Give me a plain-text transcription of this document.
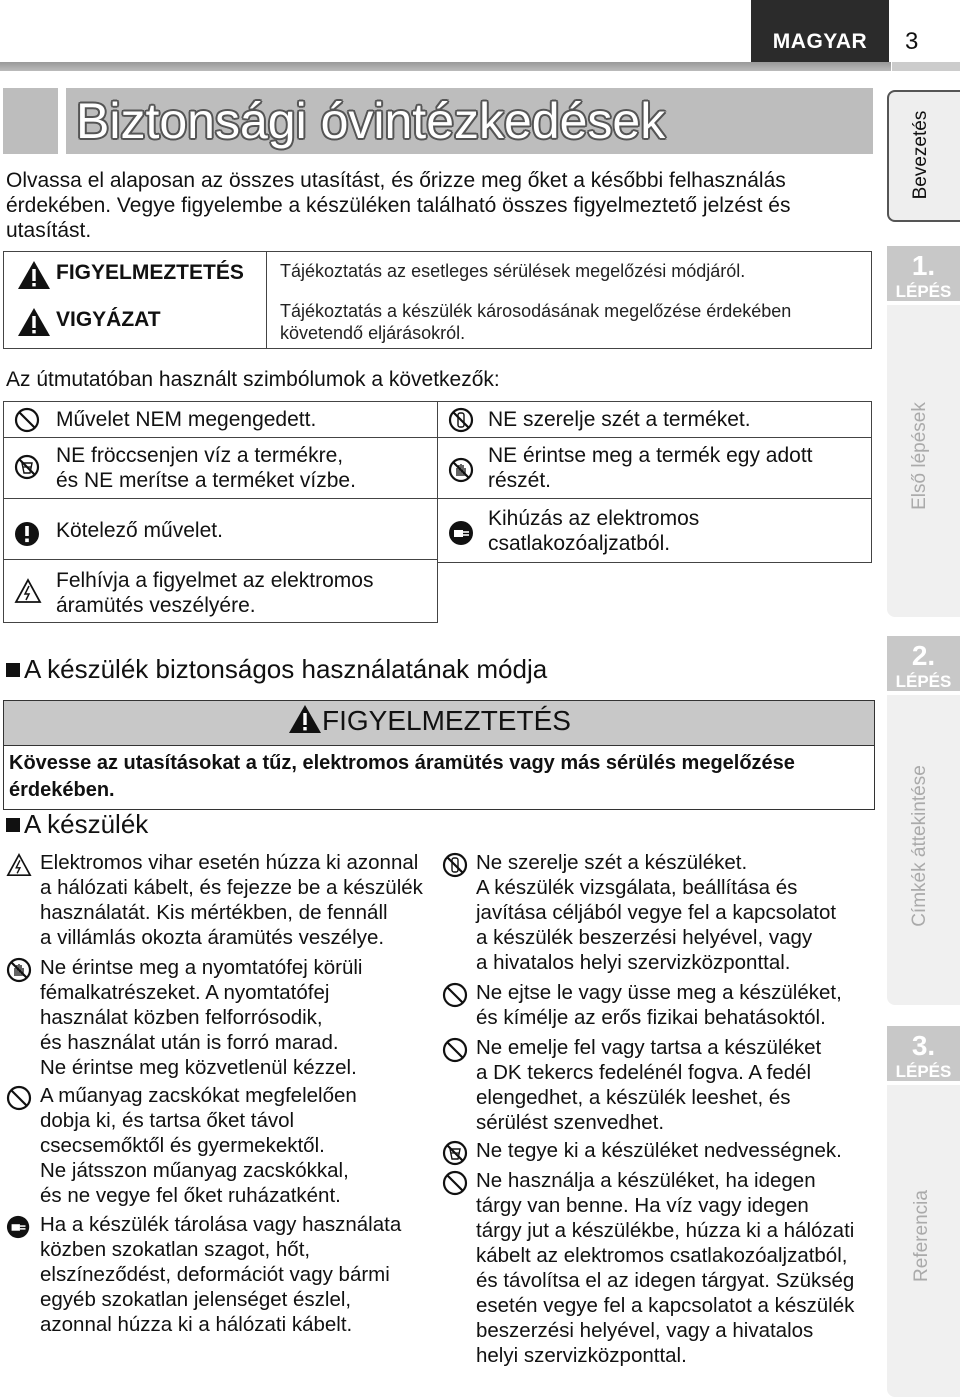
MAGYAR	3
Biztonsági óvintézkedések
Olvassa el alaposan az összes utasítást, és őrizze meg őket a későbbi felhasználás érdekében. Vegye figyelembe a készüléken található összes figyelmeztető jelzést és utasítást.
FIGYELMEZTETÉS Tájékoztatás az esetleges sérülések megelőzési módjáról.
VIGYÁZAT	Tájékoztatás a készülék károsodásának megelőzése érdekében követendő eljárásokról.
Az útmutatóban használt szimbólumok a következők:
Művelet NEM megengedett.
NE fröccsenjen víz a termékre,
és NE merítse a terméket vízbe.
Kötelező művelet.
Felhívja a figyelmet az elektromos
áramütés veszélyére.
NE szerelje szét a terméket.
NE érintse meg a termék egy adott
részét.
Kihúzás az elektromos
csatlakozóaljzatból.
A készülék biztonságos használatának módja
FIGYELMEZTETÉS
Kövesse az utasításokat a tűz, elektromos áramütés vagy más sérülés megelőzése érdekében.
A készülék
Elektromos vihar esetén húzza ki azonnal
a hálózati kábelt, és fejezze be a készülék
használatát. Kis mértékben, de fennáll
a villámlás okozta áramütés veszélye.
Ne érintse meg a nyomtatófej körüli
fémalkatrészeket. A nyomtatófej
használat közben felforrósodik,
és használat után is forró marad.
Ne érintse meg közvetlenül kézzel.
A műanyag zacskókat megfelelően
dobja ki, és tartsa őket távol
csecsemőktől és gyermekektől.
Ne játsszon műanyag zacskókkal,
és ne vegye fel őket ruházatként.
Ha a készülék tárolása vagy használata
közben szokatlan szagot, hőt,
elszíneződést, deformációt vagy bármi
egyéb szokatlan jelenséget észlel,
azonnal húzza ki a hálózati kábelt.
Ne szerelje szét a készüléket.
A készülék vizsgálata, beállítása és
javítása céljából vegye fel a kapcsolatot
a készülék beszerzési helyével, vagy
a hivatalos helyi szervizközponttal.
Ne ejtse le vagy üsse meg a készüléket,
és kímélje az erős fizikai behatásoktól.
Ne emelje fel vagy tartsa a készüléket
a DK tekercs fedelénél fogva. A fedél
elengedhet, a készülék leeshet, és
sérülést szenvedhet.
Ne tegye ki a készüléket nedvességnek.
Ne használja a készüléket, ha idegen
tárgy van benne. Ha víz vagy idegen
tárgy jut a készülékbe, húzza ki a hálózati
kábelt az elektromos csatlakozóaljzatból,
és távolítsa el az idegen tárgyat. Szükség
esetén vegye fel a kapcsolatot a készülék
beszerzési helyével, vagy a hivatalos
helyi szervizközponttal.
Bevezetés
1.
LÉPÉS
Első lépések
2.
LÉPÉS
Címkék áttekintése
3.
LÉPÉS
Referencia
